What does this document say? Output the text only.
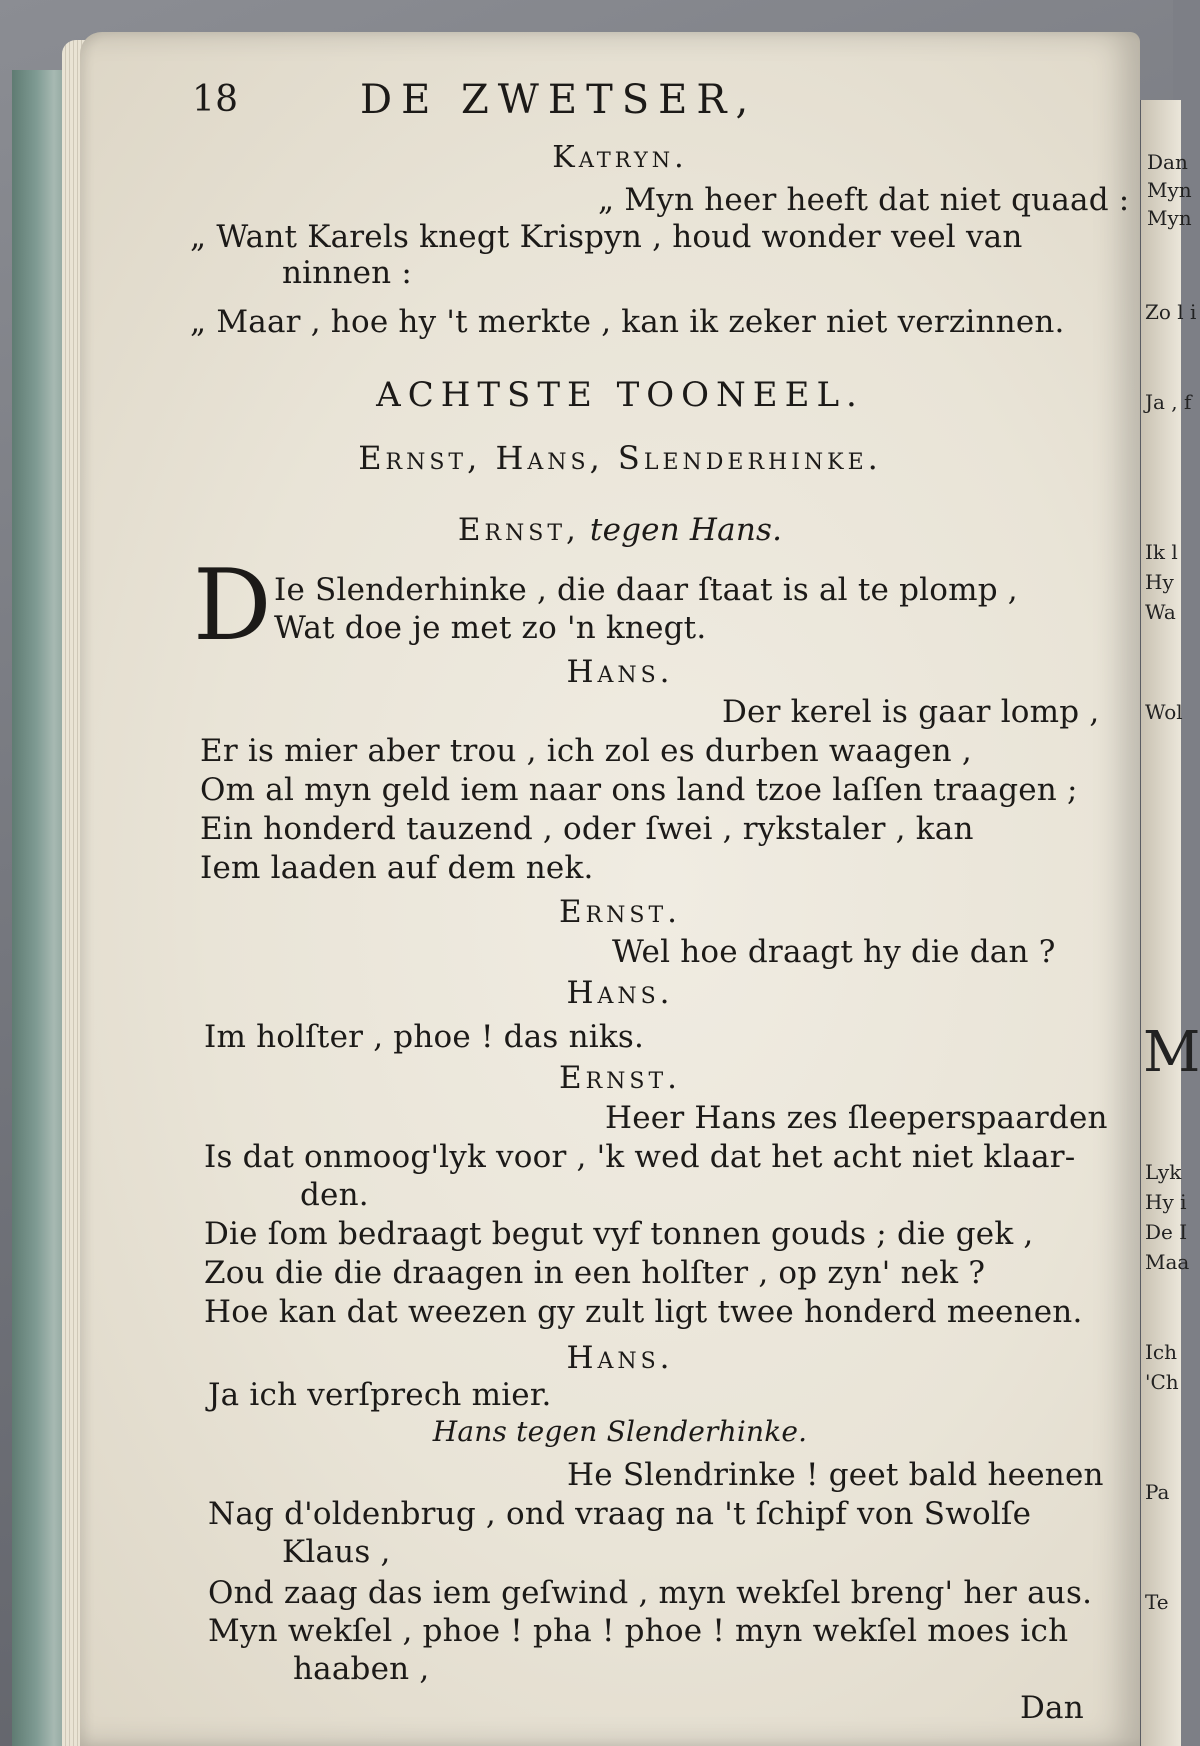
Dan
Myn
Myn
Zo l i
Ja , f
Ik l
Hy
Wa
Wol
M
Lyk
Hy i
De I
Maa
Ich
'Ch
Pa
Te
18	DE ZWETSER,
Katryn.
„ Myn heer heeft dat niet quaad :
„ Want Karels knegt Krispyn , houd wonder veel van
ninnen :
„ Maar , hoe hy 't merkte , kan ik zeker niet verzinnen.
ACHTSTE TOONEEL.
Ernst, Hans, Slenderhinke.
Ernst, tegen Hans.
D Ie Slenderhinke , die daar ſtaat is al te plomp ,
Wat doe je met zo 'n knegt.
Hans.
Der kerel is gaar lomp ,
Er is mier aber trou , ich zol es durben waagen ,
Om al myn geld iem naar ons land tzoe laſſen traagen ;
Ein honderd tauzend , oder ſwei , rykstaler , kan
Iem laaden auf dem nek.
Ernst.
Wel hoe draagt hy die dan ?
Hans.
Im holſter , phoe ! das niks.
Ernst.
Heer Hans zes ſleeperspaarden
Is dat onmoog'lyk voor , 'k wed dat het acht niet klaar-
den.
Die ſom bedraagt begut vyf tonnen gouds ; die gek ,
Zou die die draagen in een holſter , op zyn' nek ?
Hoe kan dat weezen gy zult ligt twee honderd meenen.
Hans.
Ja ich verſprech mier.
Hans tegen Slenderhinke.
He Slendrinke ! geet bald heenen
Nag d'oldenbrug , ond vraag na 't ſchipf von Swolſe
Klaus ,
Ond zaag das iem geſwind , myn wekſel breng' her aus.
Myn wekſel , phoe ! pha ! phoe ! myn wekſel moes ich
haaben ,
Dan
